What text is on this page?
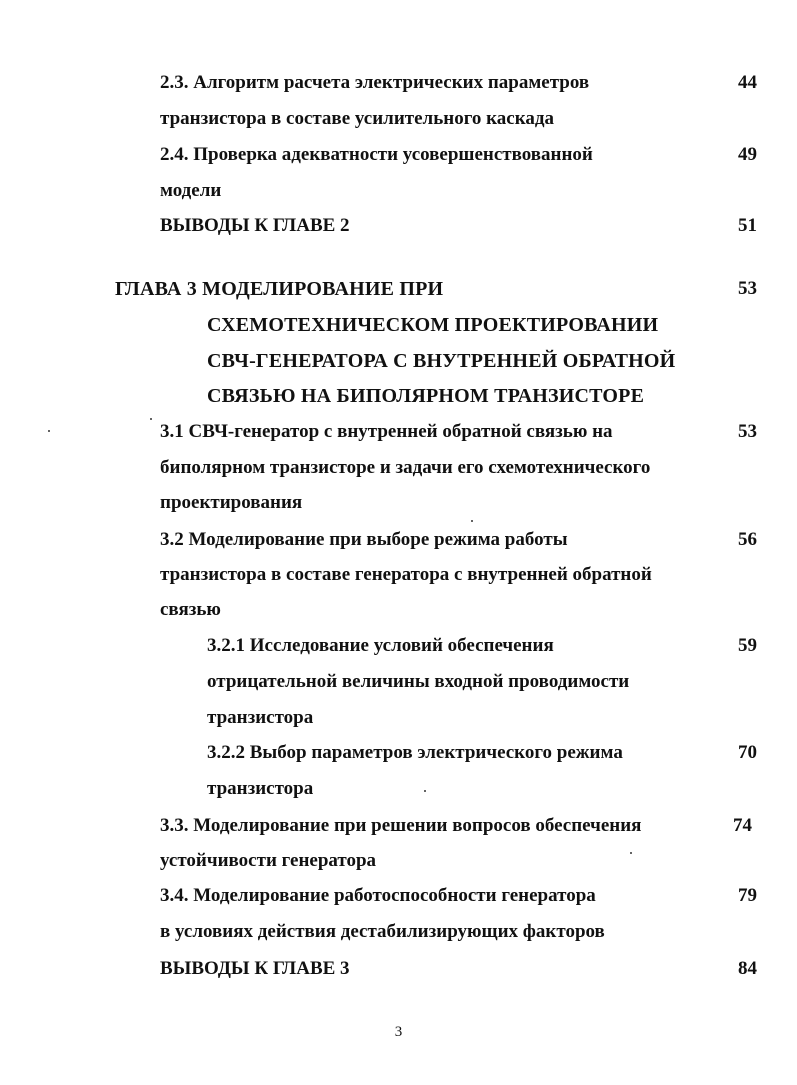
2.3. Алгоритм расчета электрических параметров
транзистора в составе усилительного каскада
44
2.4. Проверка адекватности усовершенствованной
модели
49
ВЫВОДЫ К ГЛАВЕ 2	51
ГЛАВА 3 МОДЕЛИРОВАНИЕ ПРИ
СХЕМОТЕХНИЧЕСКОМ ПРОЕКТИРОВАНИИ
СВЧ-ГЕНЕРАТОРА С ВНУТРЕННЕЙ ОБРАТНОЙ
СВЯЗЬЮ НА БИПОЛЯРНОМ ТРАНЗИСТОРЕ
53
3.1 СВЧ-генератор с внутренней обратной связью на
биполярном транзисторе и задачи его схемотехнического
проектирования
53
3.2 Моделирование при выборе режима работы
транзистора в составе генератора с внутренней обратной
связью
56
3.2.1 Исследование условий обеспечения
отрицательной величины входной проводимости
транзистора
59
3.2.2 Выбор параметров электрического режима
транзистора
70
3.3. Моделирование при решении вопросов обеспечения
устойчивости генератора
74
3.4. Моделирование работоспособности генератора
в условиях действия дестабилизирующих факторов
79
ВЫВОДЫ К ГЛАВЕ 3	84
3
